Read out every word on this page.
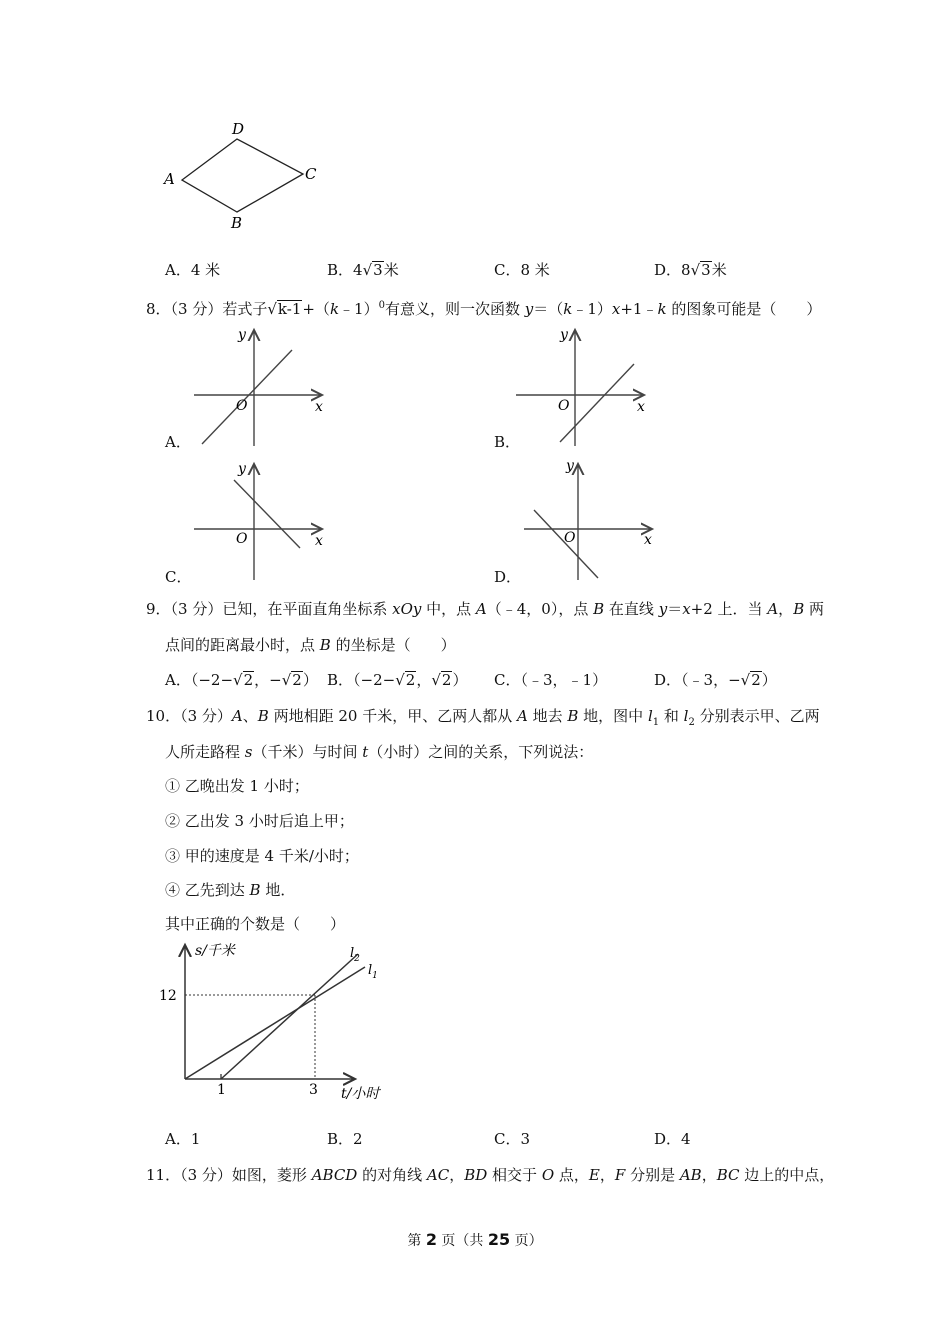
A
D
C
B
A．4 米	B．4√3米	C．8 米	D．8√3米
8．（3 分）若式子√k-1+（k﹣1）$^0$有意义，则一次函数 y＝（k﹣1）x+1﹣k 的图象可能是（　　）
y
x
O
A．
y
x
O
B．
y
x
O
C．
y
x
O
D．
9．（3 分）已知，在平面直角坐标系 xOy 中，点 A（﹣4，0），点 B 在直线 y＝x+2 上．当 A，B 两
点间的距离最小时，点 B 的坐标是（　　）
A．（−2−√2，−√2） B．（−2−√2，√2） C．（﹣3，﹣1）	D．（﹣3，−√2）
10．（3 分）A、B 两地相距 20 千米，甲、乙两人都从 A 地去 B 地，图中 $l_1$ 和 $l_2$ 分别表示甲、乙两
人所走路程 s（千米）与时间 t（小时）之间的关系，下列说法：
① 乙晚出发 1 小时；
② 乙出发 3 小时后追上甲；
③ 甲的速度是 4 千米/小时；
④ 乙先到达 B 地．
其中正确的个数是（　　）
s/千米
12
1	3 t/小时
$l_2$
$l_1$
A．1	B．2	C．3	D．4
11．（3 分）如图，菱形 ABCD 的对角线 AC，BD 相交于 O 点，E，F 分别是 AB，BC 边上的中点，
第 2 页（共 25 页）
